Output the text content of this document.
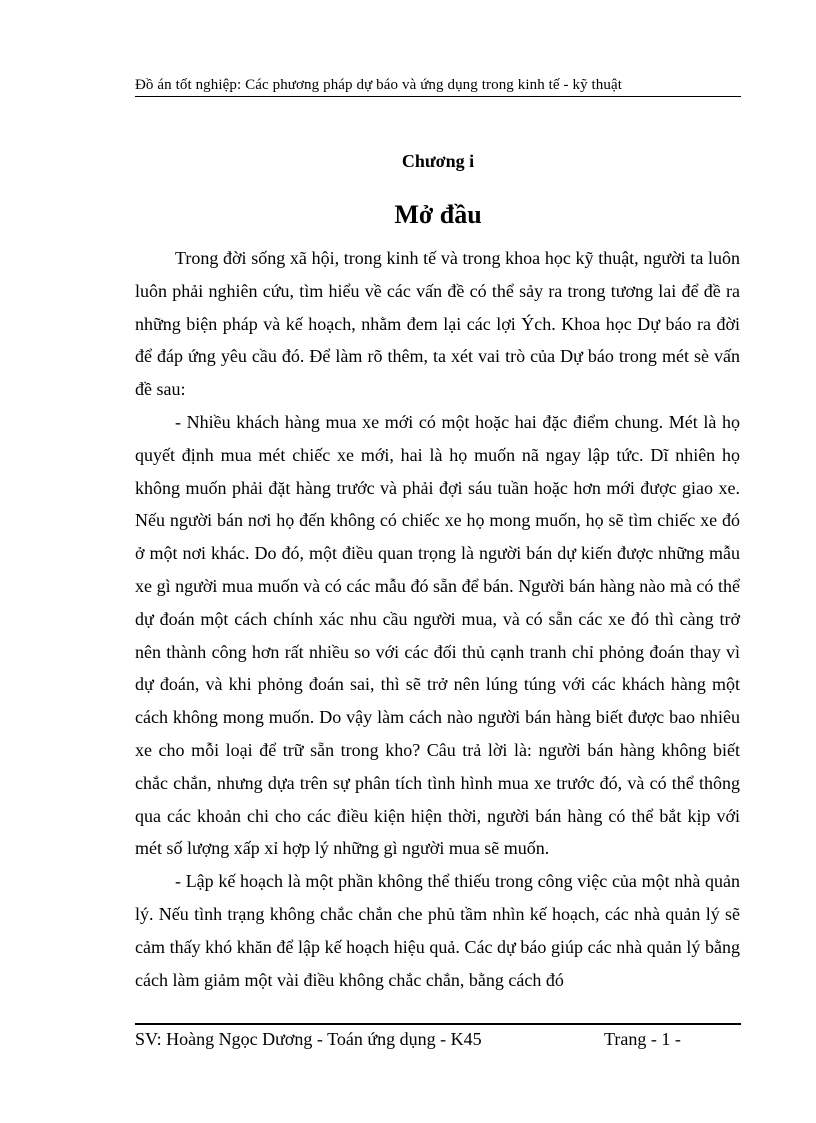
Đồ án tốt nghiệp: Các phương pháp dự báo và ứng dụng trong kinh tế - kỹ thuật
Chương i
Mở đầu

Trong đời sống xã hội, trong kinh tế và trong khoa học kỹ thuật, người ta luôn luôn phải nghiên cứu, tìm hiểu về các vấn đề có thể sảy ra trong tương lai để đề ra những biện pháp và kế hoạch, nhằm đem lại các lợi Ých. Khoa học Dự báo ra đời để đáp ứng yêu cầu đó. Để làm rõ thêm, ta xét vai trò của Dự báo trong mét sè vấn đề sau:

- Nhiều khách hàng mua xe mới có một hoặc hai đặc điểm chung. Mét là họ quyết định mua mét chiếc xe mới, hai là họ muốn nã ngay lập tức. Dĩ nhiên họ không muốn phải đặt hàng trước và phải đợi sáu tuần hoặc hơn mới được giao xe. Nếu người bán nơi họ đến không có chiếc xe họ mong muốn, họ sẽ tìm chiếc xe đó ở một nơi khác. Do đó, một điều quan trọng là người bán dự kiến được những mẫu xe gì người mua muốn và có các mẫu đó sẵn để bán. Người bán hàng nào mà có thể dự đoán một cách chính xác nhu cầu người mua, và có sẵn các xe đó thì càng trở nên thành công hơn rất nhiều so với các đối thủ cạnh tranh chỉ phỏng đoán thay vì dự đoán, và khi phỏng đoán sai, thì sẽ trở nên lúng túng với các khách hàng một cách không mong muốn. Do vậy làm cách nào người bán hàng biết được bao nhiêu xe cho mỗi loại để trữ sẵn trong kho? Câu trả lời là: người bán hàng không biết chắc chắn, nhưng dựa trên sự phân tích tình hình mua xe trước đó, và có thể thông qua các khoản chi cho các điều kiện hiện thời, người bán hàng có thể bắt kịp với mét số lượng xấp xỉ hợp lý những gì người mua sẽ muốn.

- Lập kế hoạch là một phần không thể thiếu trong công việc của một nhà quản lý. Nếu tình trạng không chắc chắn che phủ tầm nhìn kế hoạch, các nhà quản lý sẽ cảm thấy khó khăn để lập kế hoạch hiệu quả. Các dự báo giúp các nhà quản lý bằng cách làm giảm một vài điều không chắc chắn, bằng cách đó

SV: Hoàng Ngọc Dương - Toán ứng dụng - K45	Trang - 1 -
